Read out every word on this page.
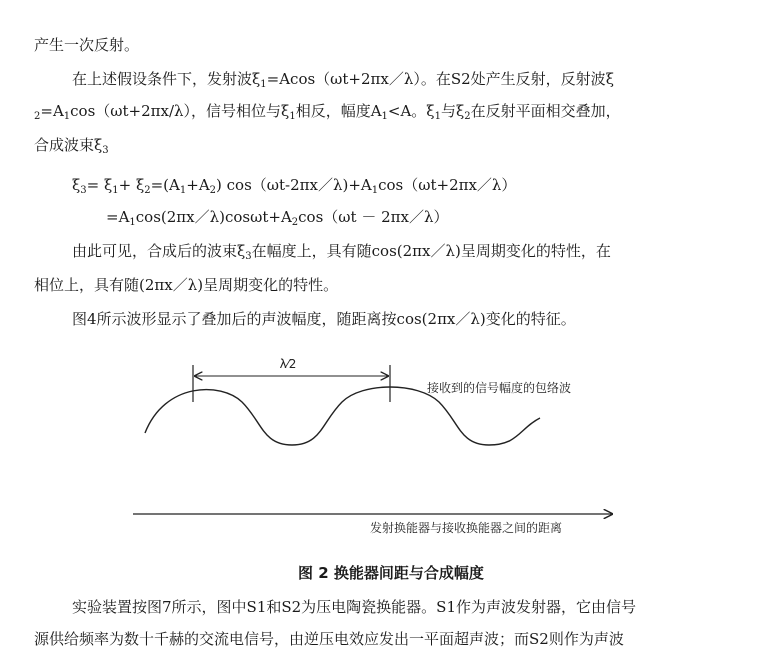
产生一次反射。
在上述假设条件下，发射波$\xi_1=Acos(\omega t+2\pi x/\lambda)$。在S2处产生反射，反射波ξ
$_2=A_1\cos(\omega t+2\pi x/\lambda)$，信号相位与$\xi_1$相反，幅度$A_1<A$。$\xi_1$与$\xi_2$在反射平面相交叠加，
合成波束$\xi_3$
$\xi_3= \xi_1+ \xi_2=(A_1+A_2)$ $\cos(\omega t-2\pi x/\lambda)+A_1\cos(\omega t+2\pi x/\lambda)$
$=A_1\cos(2\pi x/\lambda)\cos\omega t+A_2\cos(\omega t$ － 2πx／λ）
由此可见，合成后的波束$\xi_3$在幅度上，具有随cos(2πx／λ)呈周期变化的特性，在
相位上，具有随(2πx／λ)呈周期变化的特性。
图4所示波形显示了叠加后的声波幅度，随距离按cos(2πx／λ)变化的特征。
λ⁄2
接收到的信号幅度的包络波
发射换能器与接收换能器之间的距离
图 2 换能器间距与合成幅度
实验装置按图7所示，图中S1和S2为压电陶瓷换能器。S1作为声波发射器，它由信号
源供给频率为数十千赫的交流电信号，由逆压电效应发出一平面超声波；而S2则作为声波
